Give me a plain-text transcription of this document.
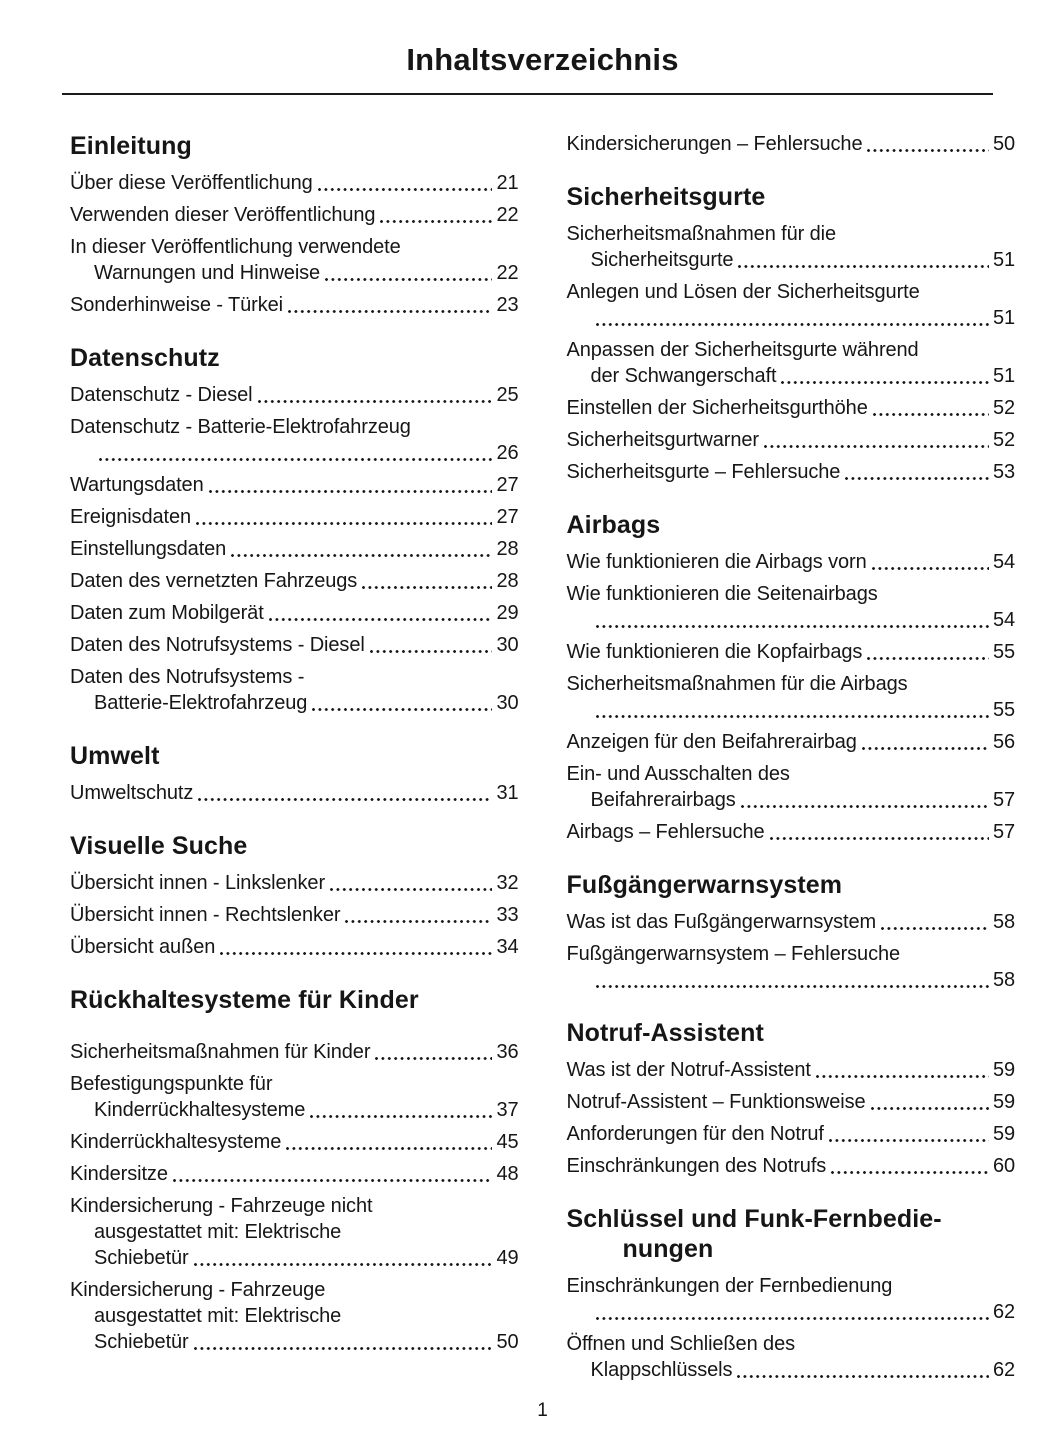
Inhaltsverzeichnis
Einleitung
Über diese Veröffentlichung	21
Verwenden dieser Veröffentlichung	22
In dieser Veröffentlichung verwendete
Warnungen und Hinweise	22
Sonderhinweise - Türkei	23
Datenschutz
Datenschutz - Diesel	25
Datenschutz - Batterie-Elektrofahrzeug
26
Wartungsdaten	27
Ereignisdaten	27
Einstellungsdaten	28
Daten des vernetzten Fahrzeugs	28
Daten zum Mobilgerät	29
Daten des Notrufsystems - Diesel	30
Daten des Notrufsystems -
Batterie-Elektrofahrzeug	30
Umwelt
Umweltschutz	31
Visuelle Suche
Übersicht innen - Linkslenker	32
Übersicht innen - Rechtslenker	33
Übersicht außen	34
Rückhaltesysteme für Kinder
Sicherheitsmaßnahmen für Kinder	36
Befestigungspunkte für
Kinderrückhaltesysteme	37
Kinderrückhaltesysteme	45
Kindersitze	48
Kindersicherung - Fahrzeuge nicht
ausgestattet mit: Elektrische
Schiebetür	49
Kindersicherung - Fahrzeuge
ausgestattet mit: Elektrische
Schiebetür	50
Kindersicherungen – Fehlersuche	50
Sicherheitsgurte
Sicherheitsmaßnahmen für die
Sicherheitsgurte	51
Anlegen und Lösen der Sicherheitsgurte
51
Anpassen der Sicherheitsgurte während
der Schwangerschaft	51
Einstellen der Sicherheitsgurthöhe	52
Sicherheitsgurtwarner	52
Sicherheitsgurte – Fehlersuche	53
Airbags
Wie funktionieren die Airbags vorn	54
Wie funktionieren die Seitenairbags
54
Wie funktionieren die Kopfairbags	55
Sicherheitsmaßnahmen für die Airbags
55
Anzeigen für den Beifahrerairbag	56
Ein- und Ausschalten des
Beifahrerairbags	57
Airbags – Fehlersuche	57
Fußgängerwarnsystem
Was ist das Fußgängerwarnsystem	58
Fußgängerwarnsystem – Fehlersuche
58
Notruf-Assistent
Was ist der Notruf-Assistent	59
Notruf-Assistent – Funktionsweise	59
Anforderungen für den Notruf	59
Einschränkungen des Notrufs	60
Schlüssel und Funk-Fernbedie-
nungen
Einschränkungen der Fernbedienung
62
Öffnen und Schließen des
Klappschlüssels	62
1
